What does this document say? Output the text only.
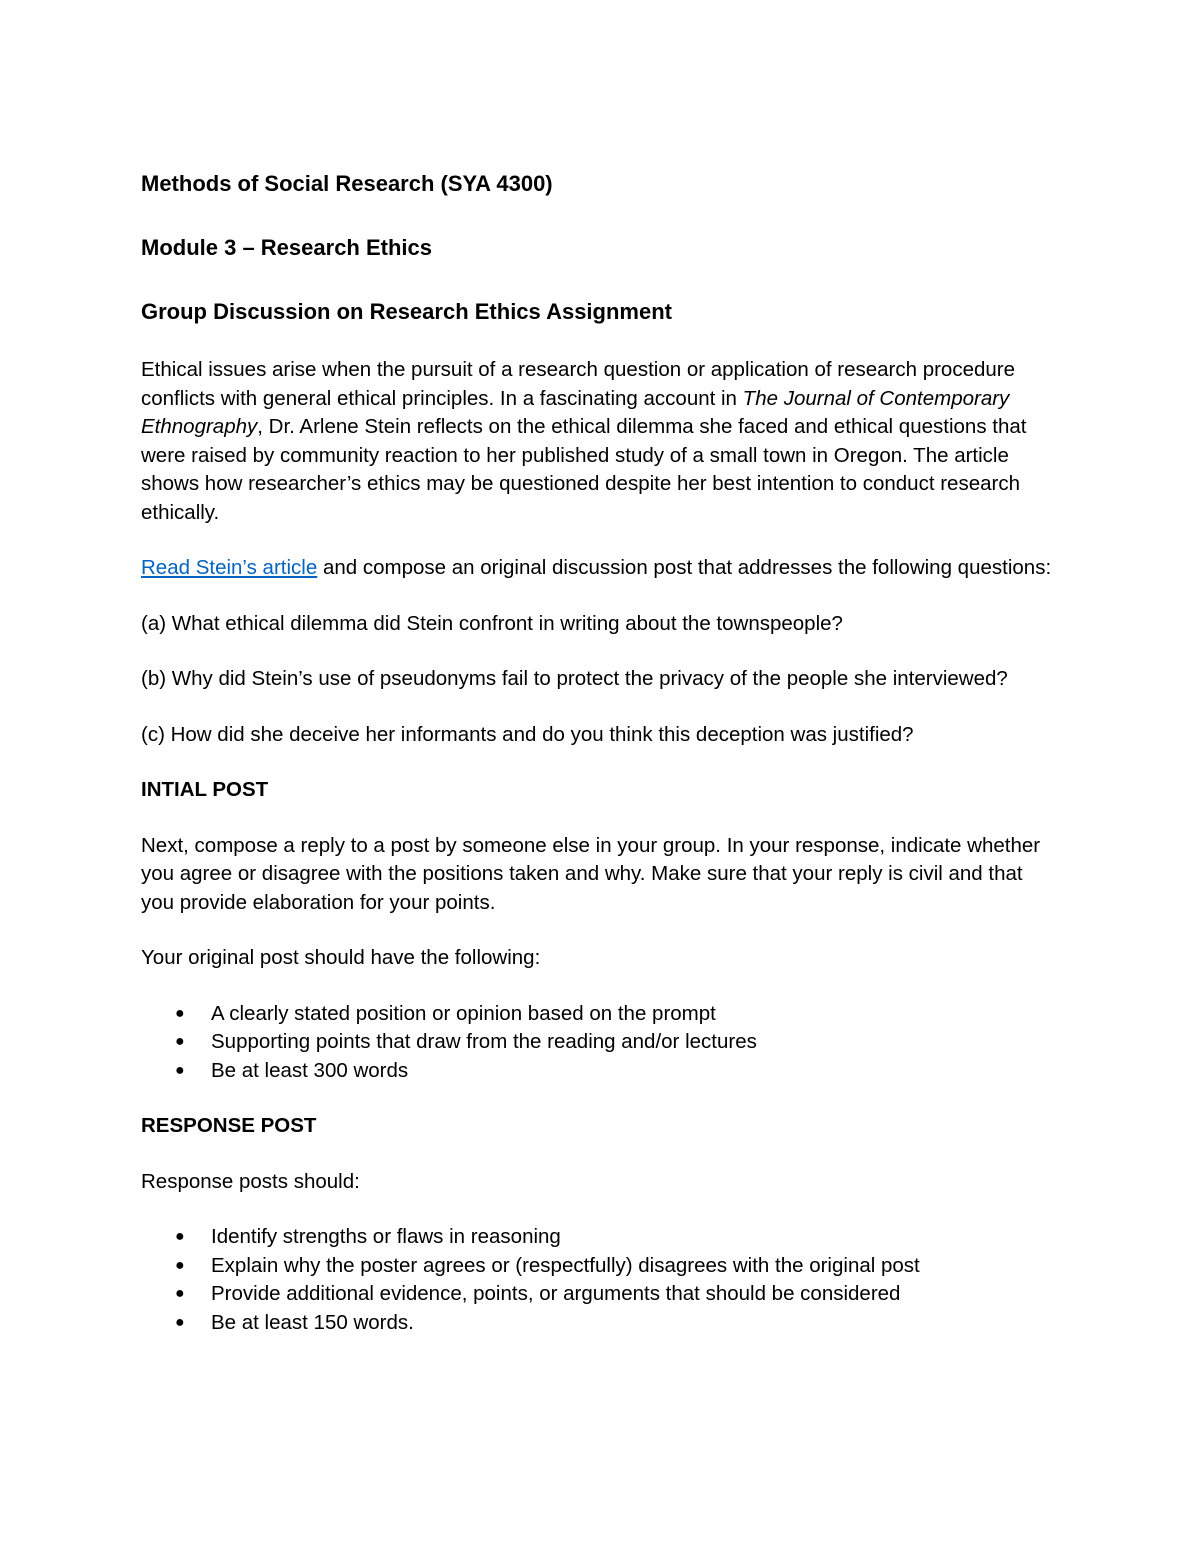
Methods of Social Research (SYA 4300)
Module 3 – Research Ethics
Group Discussion on Research Ethics Assignment

Ethical issues arise when the pursuit of a research question or application of research procedure conflicts with general ethical principles. In a fascinating account in The Journal of Contemporary Ethnography, Dr. Arlene Stein reflects on the ethical dilemma she faced and ethical questions that were raised by community reaction to her published study of a small town in Oregon. The article shows how researcher’s ethics may be questioned despite her best intention to conduct research ethically.

Read Stein’s article and compose an original discussion post that addresses the following questions:

(a) What ethical dilemma did Stein confront in writing about the townspeople?

(b) Why did Stein’s use of pseudonyms fail to protect the privacy of the people she interviewed?

(c) How did she deceive her informants and do you think this deception was justified?

INTIAL POST

Next, compose a reply to a post by someone else in your group. In your response, indicate whether you agree or disagree with the positions taken and why. Make sure that your reply is civil and that you provide elaboration for your points.

Your original post should have the following:

● A clearly stated position or opinion based on the prompt
● Supporting points that draw from the reading and/or lectures
● Be at least 300 words

RESPONSE POST

Response posts should:

● Identify strengths or flaws in reasoning
● Explain why the poster agrees or (respectfully) disagrees with the original post
● Provide additional evidence, points, or arguments that should be considered
● Be at least 150 words.
